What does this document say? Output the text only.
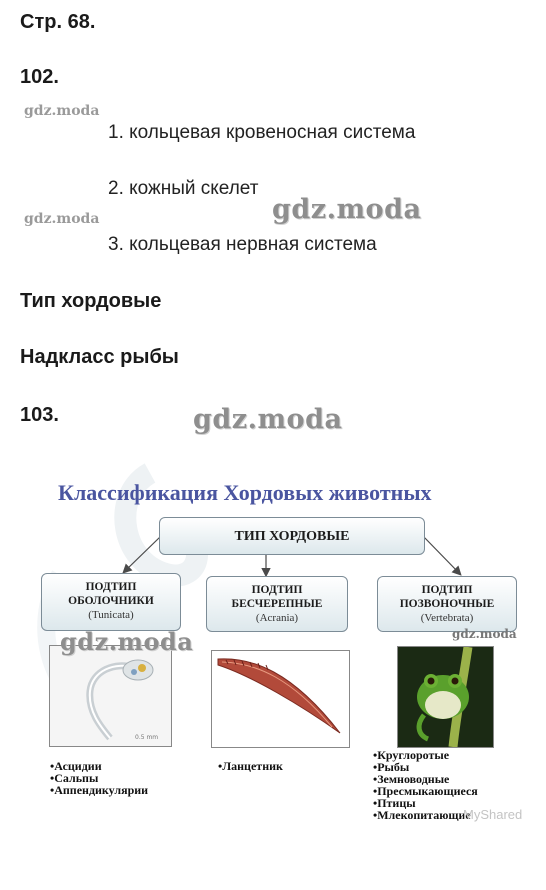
Стр. 68.
102.
gdz.moda
1. кольцевая кровеносная система
2. кожный скелет
gdz.moda
gdz.moda
3. кольцевая нервная система
Тип хордовые
Надкласс рыбы
103.	gdz.moda
Классификация Хордовых животных
ТИП ХОРДОВЫЕ
ПОДТИП
ОБОЛОЧНИКИ
(Tunicata)
ПОДТИП
БЕСЧЕРЕПНЫЕ
(Acrania)
ПОДТИП
ПОЗВОНОЧНЫЕ
(Vertebrata)
gdz.moda
0.5 mm
gdz.moda
• Асцидии
• Сальпы
• Аппендикулярии
• Ланцетник
• Круглоротые
• Рыбы
• Земноводные
• Пресмыкающиеся
• Птицы
• Млекопитающие
MyShared
